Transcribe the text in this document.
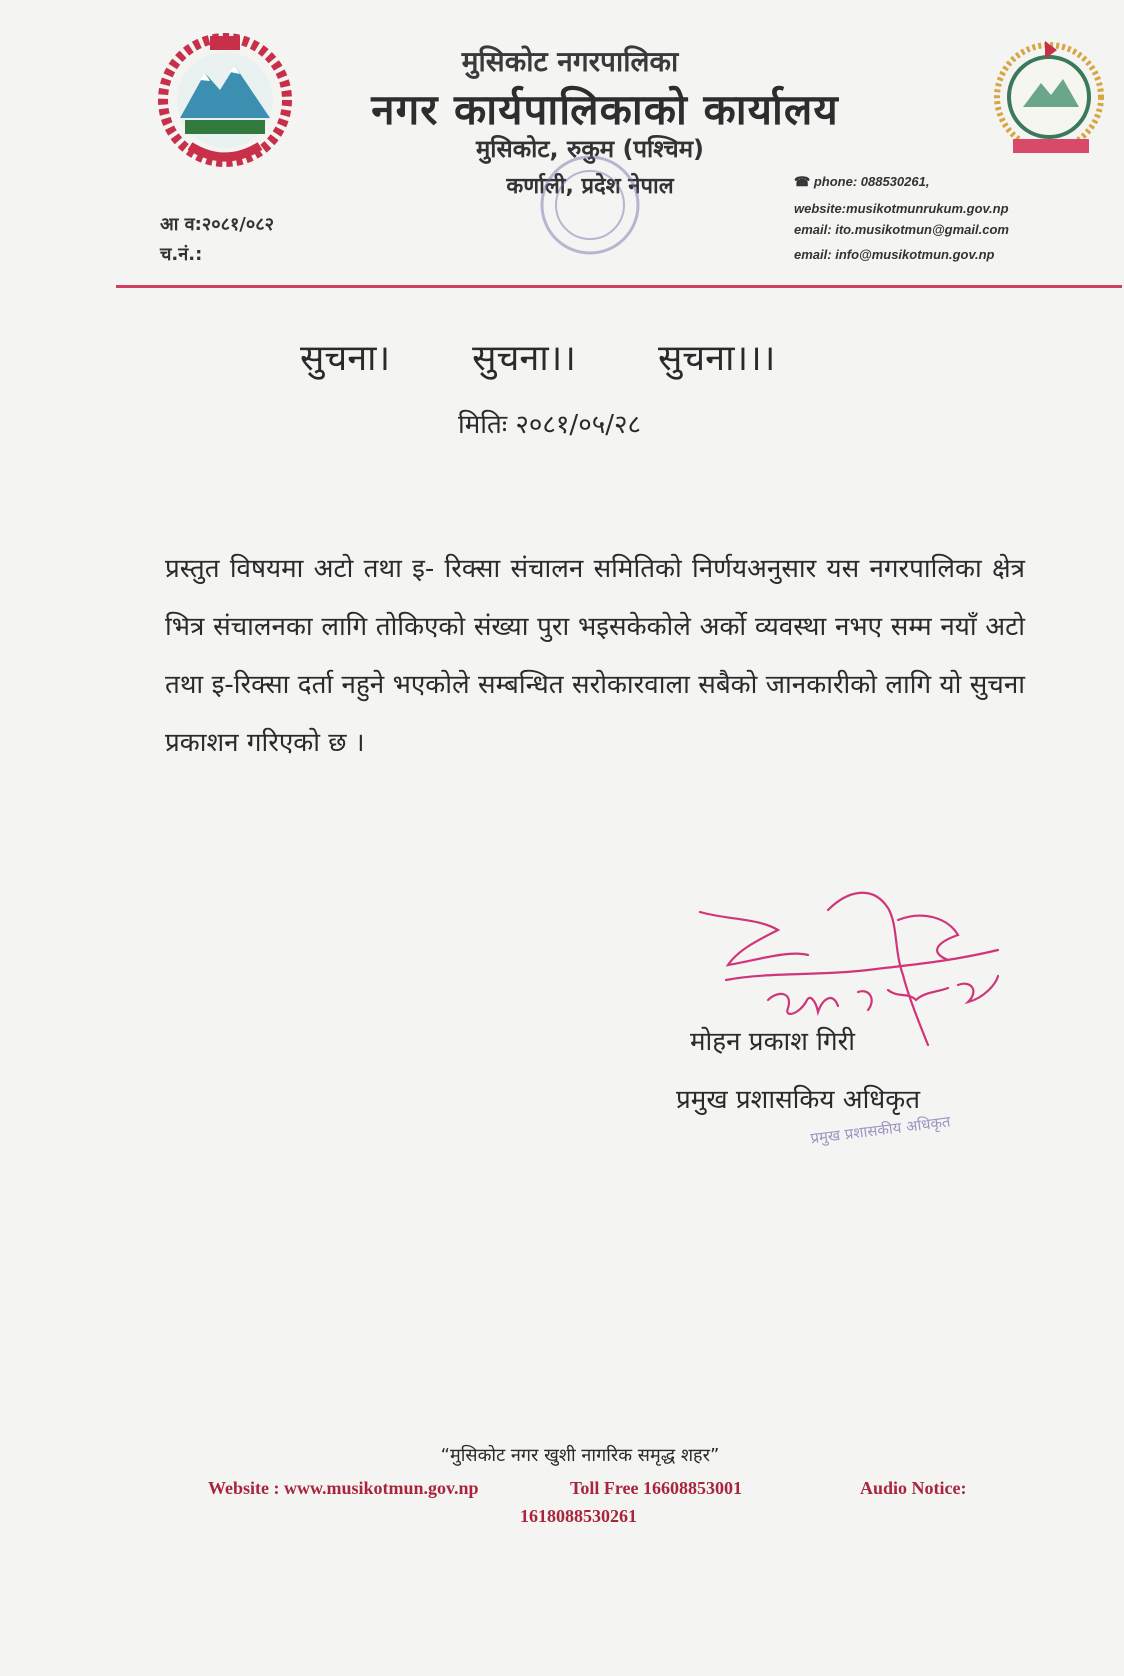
मुसिकोट नगरपालिका
नगर कार्यपालिकाको कार्यालय
मुसिकोट, रुकुम (पश्चिम)
कर्णाली, प्रदेश नेपाल
आ व:२०८१/०८२
च.नं.:
☎ phone: 088530261,
website:musikotmunrukum.gov.np
email: ito.musikotmun@gmail.com
email: info@musikotmun.gov.np
सुचना। सुचना।। सुचना।।।
मितिः २०८१/०५/२८
प्रस्तुत विषयमा अटो तथा इ- रिक्सा संचालन समितिको निर्णयअनुसार यस नगरपालिका क्षेत्र भित्र संचालनका लागि तोकिएको संख्या पुरा भइसकेकोले अर्को व्यवस्था नभए सम्म नयाँ अटो तथा इ-रिक्सा दर्ता नहुने भएकोले सम्बन्धित सरोकारवाला सबैको जानकारीको लागि यो सुचना प्रकाशन गरिएको छ ।
मोहन प्रकाश गिरी
प्रमुख प्रशासकिय अधिकृत
प्रमुख प्रशासकीय अधिकृत
“मुसिकोट नगर खुशी नागरिक समृद्ध शहर”
Website : www.musikotmun.gov.np	Toll Free 16608853001	Audio Notice:
1618088530261
